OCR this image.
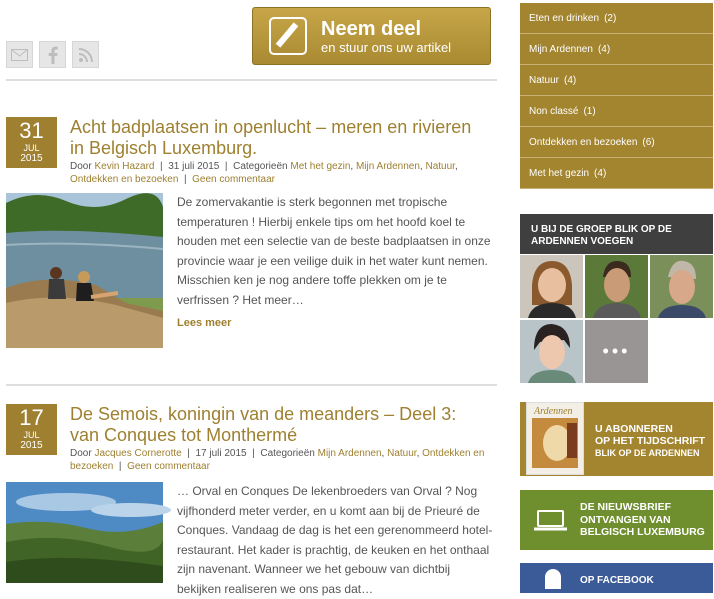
Neem deel
en stuur ons uw artikel
31
JUL
2015
Acht badplaatsen in openlucht – meren en rivieren in Belgisch Luxemburg.
Door Kevin Hazard  |  31 juli 2015  |  Categorieën Met het gezin, Mijn Ardennen, Natuur, Ontdekken en bezoeken  |  Geen commentaar
De zomervakantie is sterk begonnen met tropische temperaturen ! Hierbij enkele tips om het hoofd koel te houden met een selectie van de beste badplaatsen in onze provincie waar je een veilige duik in het water kunt nemen. Misschien ken je nog andere toffe plekken om je te verfrissen ? Het meer…
Lees meer
17
JUL
2015
De Semois, koningin van de meanders – Deel 3: van Conques tot Monthermé
Door Jacques Cornerotte  |  17 juli 2015  |  Categorieën Mijn Ardennen, Natuur, Ontdekken en bezoeken  |  Geen commentaar
… Orval en Conques De lekenbroeders van Orval ? Nog vijfhonderd meter verder, en u komt aan bij de Prieuré de Conques. Vandaag de dag is het een gerenommeerd hotel-restaurant. Het kader is prachtig, de keuken en het onthaal zijn navenant. Wanneer we het gebouw van dichtbij bekijken realiseren we ons pas dat…
Eten en drinken (2)
Mijn Ardennen (4)
Natuur (4)
Non classé (1)
Ontdekken en bezoeken (6)
Met het gezin (4)
U BIJ DE GROEP BLIK OP DE ARDENNEN VOEGEN
•••
Ardennen
U ABONNEREN
OP HET TIJDSCHRIFT
BLIK OP DE ARDENNEN
DE NIEUWSBRIEF
ONTVANGEN VAN
BELGISCH LUXEMBURG
OP FACEBOOK
